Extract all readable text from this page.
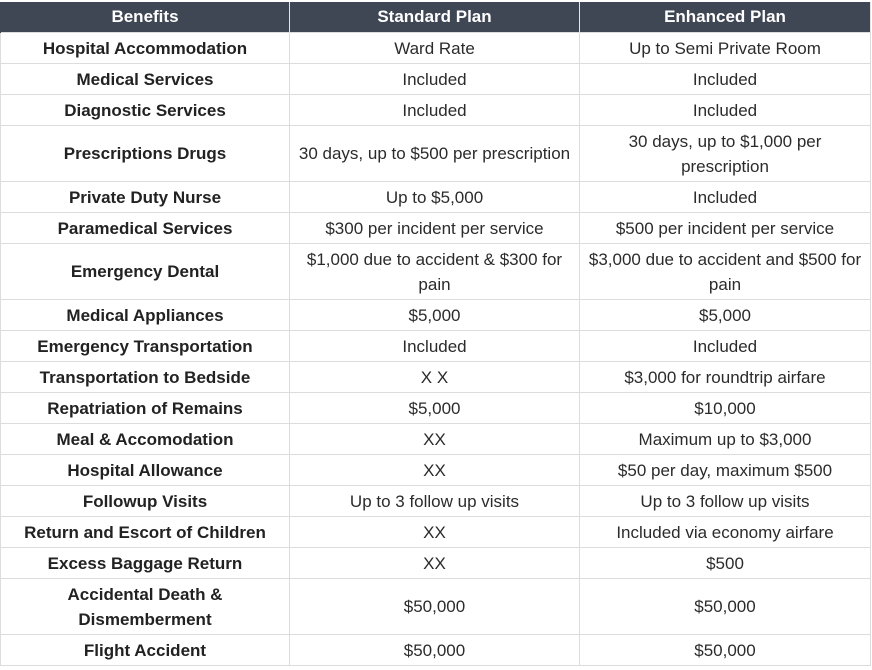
Benefits	Standard Plan	Enhanced Plan
Hospital Accommodation	Ward Rate	Up to Semi Private Room
Medical Services	Included	Included
Diagnostic Services	Included	Included
Prescriptions Drugs	30 days, up to $500 per prescription	30 days, up to $1,000 per prescription
Private Duty Nurse	Up to $5,000	Included
Paramedical Services	$300 per incident per service	$500 per incident per service
Emergency Dental	$1,000 due to accident & $300 for pain	$3,000 due to accident and $500 for pain
Medical Appliances	$5,000	$5,000
Emergency Transportation	Included	Included
Transportation to Bedside	X X	$3,000 for roundtrip airfare
Repatriation of Remains	$5,000	$10,000
Meal & Accomodation	XX	Maximum up to $3,000
Hospital Allowance	XX	$50 per day, maximum $500
Followup Visits	Up to 3 follow up visits	Up to 3 follow up visits
Return and Escort of Children	XX	Included via economy airfare
Excess Baggage Return	XX	$500
Accidental Death & Dismemberment	$50,000	$50,000
Flight Accident	$50,000	$50,000
